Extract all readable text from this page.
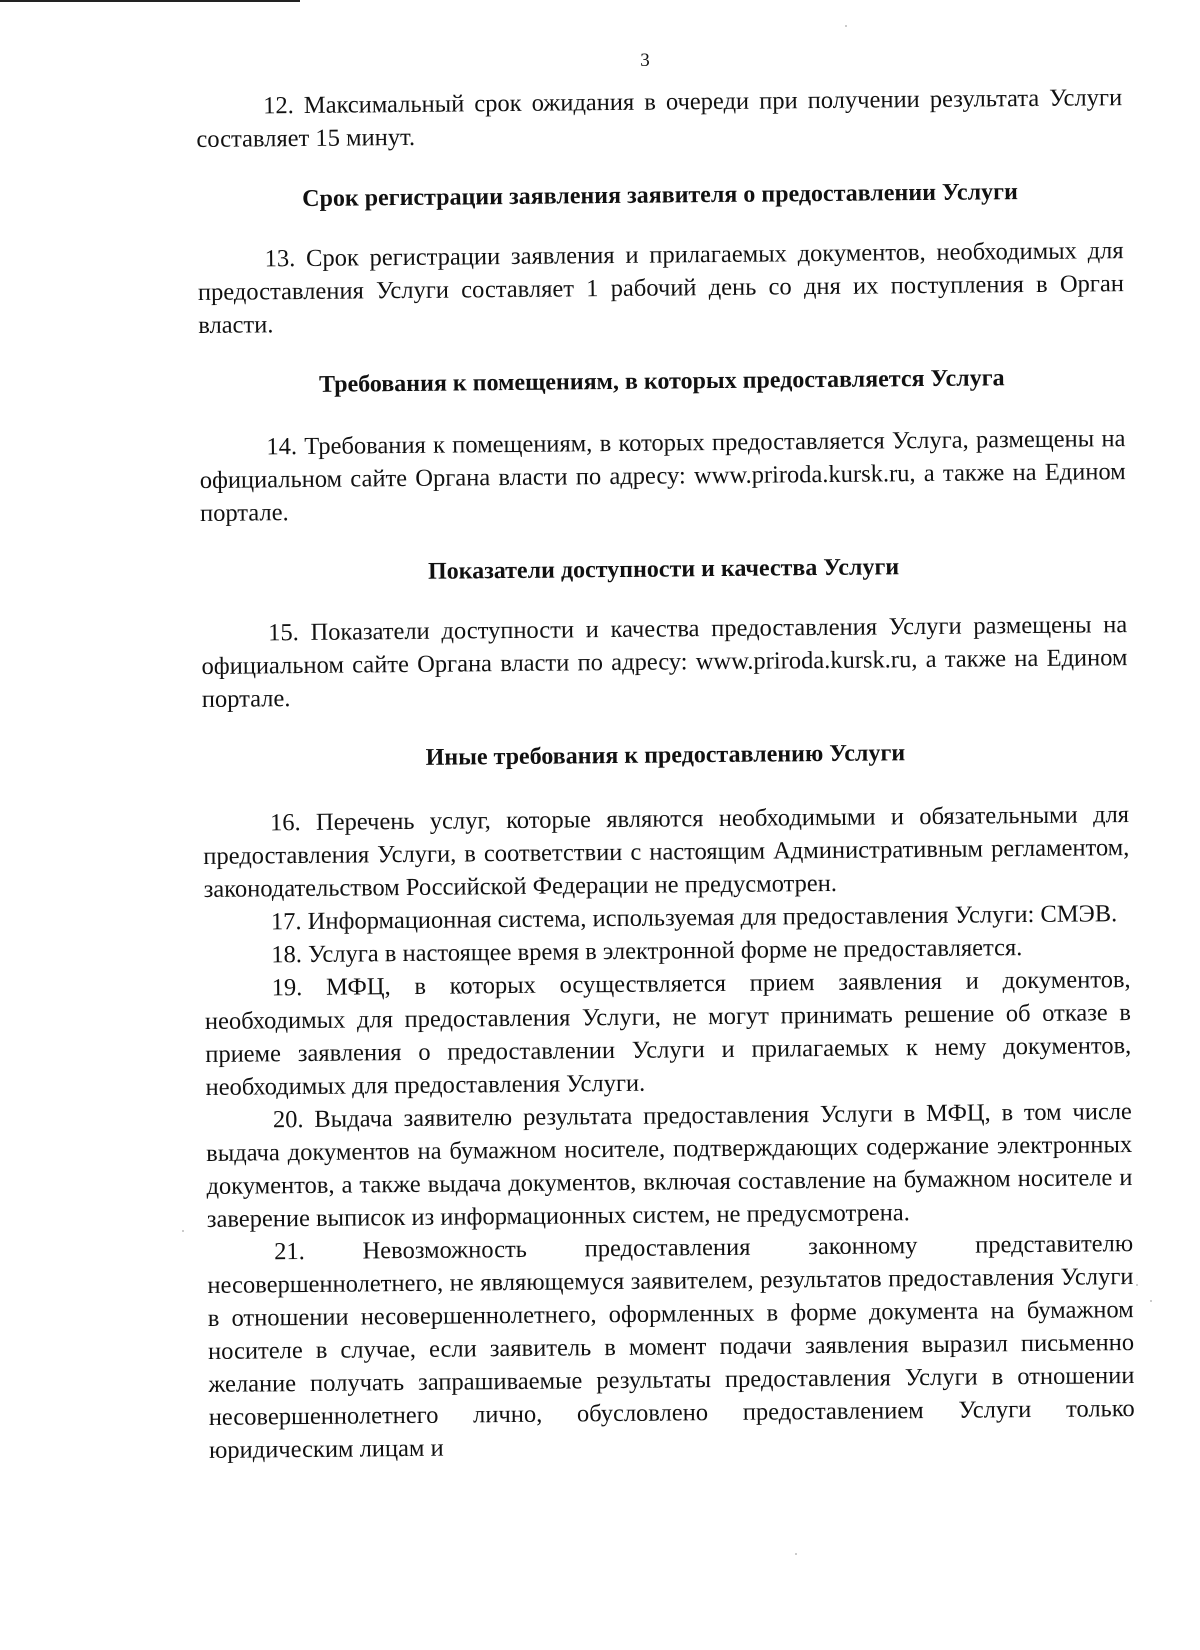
3

12. Максимальный срок ожидания в очереди при получении результата Услуги составляет 15 минут.

Срок регистрации заявления заявителя о предоставлении Услуги

13. Срок регистрации заявления и прилагаемых документов, необходимых для предоставления Услуги составляет 1 рабочий день со дня их поступления в Орган власти.

Требования к помещениям, в которых предоставляется Услуга

14. Требования к помещениям, в которых предоставляется Услуга, размещены на официальном сайте Органа власти по адресу: www.priroda.kursk.ru, а также на Едином портале.

Показатели доступности и качества Услуги

15. Показатели доступности и качества предоставления Услуги размещены на официальном сайте Органа власти по адресу: www.priroda.kursk.ru, а также на Едином портале.

Иные требования к предоставлению Услуги

16. Перечень услуг, которые являются необходимыми и обязательными для предоставления Услуги, в соответствии с настоящим Административным регламентом, законодательством Российской Федерации не предусмотрен.

17. Информационная система, используемая для предоставления Услуги: СМЭВ.

18. Услуга в настоящее время в электронной форме не предоставляется.

19. МФЦ, в которых осуществляется прием заявления и документов, необходимых для предоставления Услуги, не могут принимать решение об отказе в приеме заявления о предоставлении Услуги и прилагаемых к нему документов, необходимых для предоставления Услуги.

20. Выдача заявителю результата предоставления Услуги в МФЦ, в том числе выдача документов на бумажном носителе, подтверждающих содержание электронных документов, а также выдача документов, включая составление на бумажном носителе и заверение выписок из информационных систем, не предусмотрена.

21. Невозможность предоставления законному представителю несовершеннолетнего, не являющемуся заявителем, результатов предоставления Услуги в отношении несовершеннолетнего, оформленных в форме документа на бумажном носителе в случае, если заявитель в момент подачи заявления выразил письменно желание получать запрашиваемые результаты предоставления Услуги в отношении несовершеннолетнего лично, обусловлено предоставлением Услуги только юридическим лицам и
